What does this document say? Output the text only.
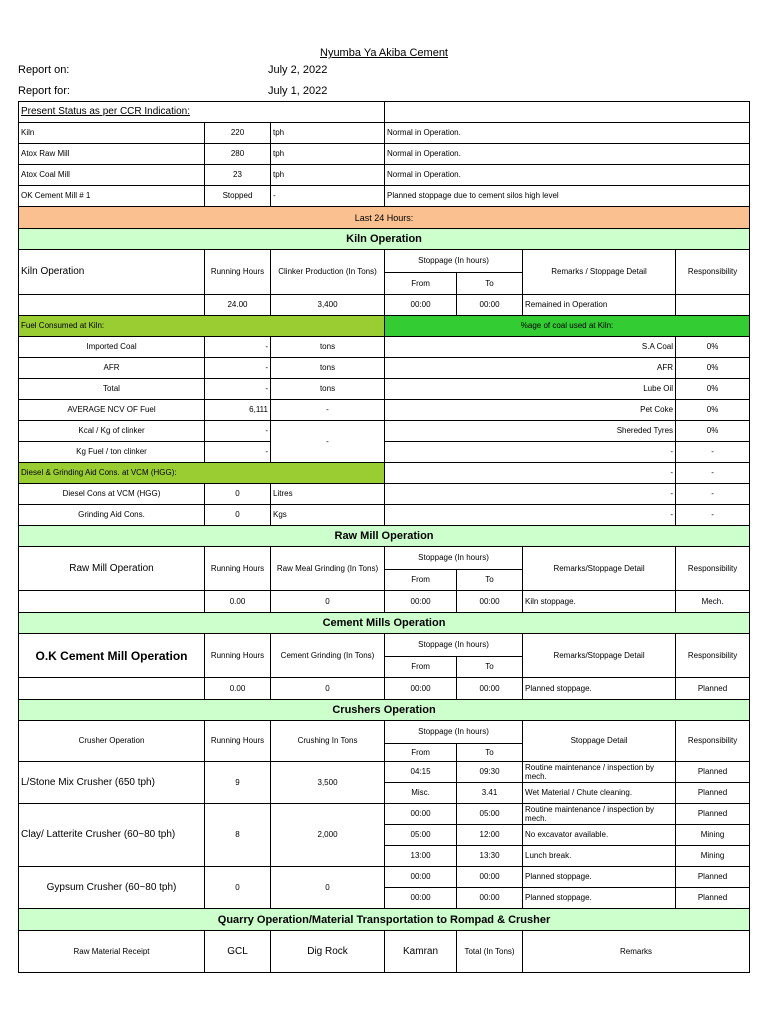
Nyumba Ya Akiba Cement
Report on:	July 2, 2022
Report for:	July 1, 2022
Present Status as per CCR Indication:						
Kiln	220	tph	Normal in Operation.			
Atox Raw Mill	280	tph	Normal in Operation.			
Atox Coal Mill	23	tph	Normal in Operation.			
OK Cement Mill # 1	Stopped	-	Planned stoppage due to cement silos high level			
Last 24 Hours:						
Kiln Operation						
Kiln Operation	Running Hours	Clinker Production (In Tons)	Stoppage (In hours)		Remarks / Stoppage Detail	Responsibility
			From	To		
	24.00	3,400	00:00	00:00	Remained in Operation	
Fuel Consumed at Kiln:			%age of coal used at Kiln:			
Imported Coal	-	tons	S.A Coal			0%
AFR	-	tons	AFR			0%
Total	-	tons	Lube Oil			0%
AVERAGE NCV OF Fuel	6,111	-	Pet Coke			0%
Kcal / Kg of clinker	-	-	Shereded Tyres			0%
Kg Fuel / ton clinker	-		-			-
Diesel & Grinding Aid Cons. at VCM (HGG):			-			-
Diesel Cons at VCM (HGG)	0	Litres	-			-
Grinding Aid Cons.	0	Kgs	-			-
Raw Mill Operation						
Raw Mill Operation	Running Hours	Raw Meal Grinding (In Tons)	Stoppage (In hours)		Remarks/Stoppage Detail	Responsibility
			From	To		
	0.00	0	00:00	00:00	Kiln stoppage.	Mech.
Cement Mills Operation						
O.K Cement Mill Operation	Running Hours	Cement Grinding (In Tons)	Stoppage (In hours)		Remarks/Stoppage Detail	Responsibility
			From	To		
	0.00	0	00:00	00:00	Planned stoppage.	Planned
Crushers Operation						
Crusher Operation	Running Hours	Crushing In Tons	Stoppage (In hours)		Stoppage Detail	Responsibility
			From	To		
L/Stone Mix Crusher (650 tph)	9	3,500	04:15	09:30	Routine maintenance / inspection by mech.	Planned
			Misc.	3.41	Wet Material / Chute cleaning.	Planned
Clay/ Latterite Crusher (60~80 tph)	8	2,000	00:00	05:00	Routine maintenance / inspection by mech.	Planned
			05:00	12:00	No excavator available.	Mining
			13:00	13:30	Lunch break.	Mining
Gypsum Crusher (60~80 tph)	0	0	00:00	00:00	Planned stoppage.	Planned
			00:00	00:00	Planned stoppage.	Planned
Quarry Operation/Material Transportation to Rompad & Crusher						
Raw Material Receipt	GCL	Dig Rock	Kamran	Total (In Tons)	Remarks	
